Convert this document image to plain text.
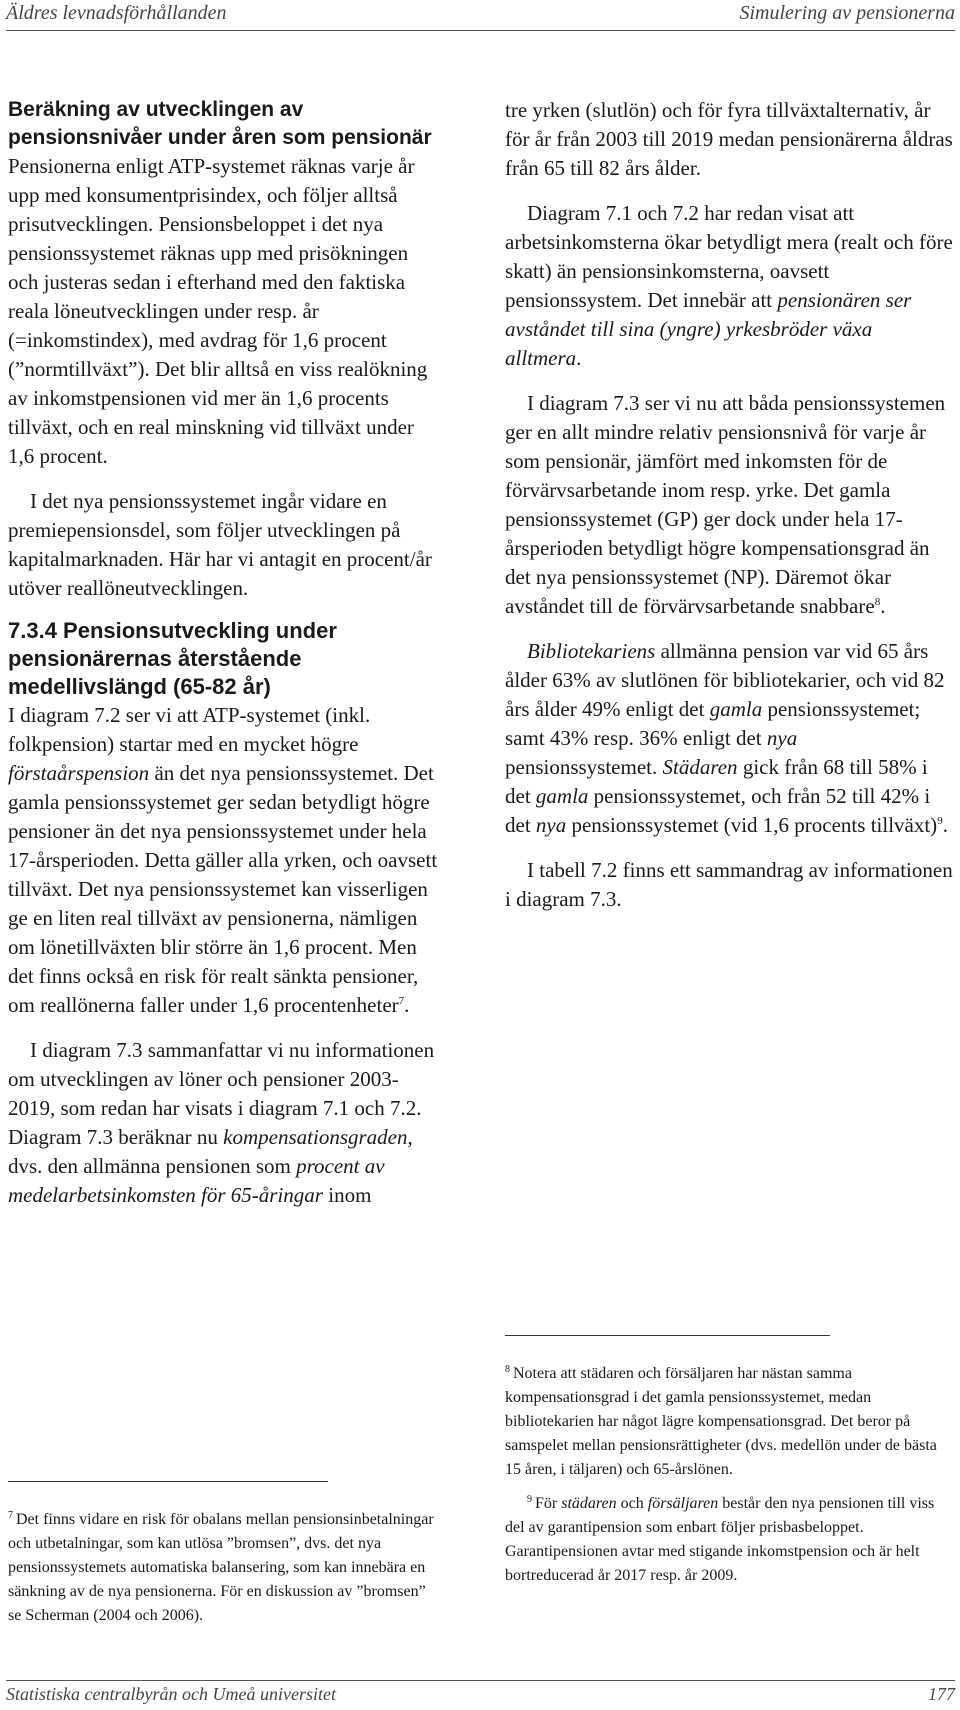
Äldres levnadsförhållanden	Simulering av pensionerna

Beräkning av utvecklingen av pensionsnivåer under åren som pensionär

Pensionerna enligt ATP-systemet räknas varje år upp med konsumentprisindex, och följer alltså prisutvecklingen. Pensionsbeloppet i det nya pensionssystemet räknas upp med prisökningen och justeras sedan i efterhand med den faktiska reala löneutvecklingen under resp. år (=inkomstindex), med avdrag för 1,6 procent (”normtillväxt”). Det blir alltså en viss realökning av inkomstpensionen vid mer än 1,6 procents tillväxt, och en real minskning vid tillväxt under 1,6 procent.

I det nya pensionssystemet ingår vidare en premiepensionsdel, som följer utvecklingen på kapitalmarknaden. Här har vi antagit en procent/år utöver reallöneutvecklingen.

7.3.4 Pensionsutveckling under pensionärernas återstående medellivslängd (65-82 år)

I diagram 7.2 ser vi att ATP-systemet (inkl. folkpension) startar med en mycket högre förstaårspension än det nya pensionssystemet. Det gamla pensionssystemet ger sedan betydligt högre pensioner än det nya pensionssystemet under hela 17-årsperioden. Detta gäller alla yrken, och oavsett tillväxt. Det nya pensionssystemet kan visserligen ge en liten real tillväxt av pensionerna, nämligen om lönetillväxten blir större än 1,6 procent. Men det finns också en risk för realt sänkta pensioner, om reallönerna faller under 1,6 procentenheter$^7$.

I diagram 7.3 sammanfattar vi nu informationen om utvecklingen av löner och pensioner 2003-2019, som redan har visats i diagram 7.1 och 7.2. Diagram 7.3 beräknar nu kompensationsgraden, dvs. den allmänna pensionen som procent av medelarbetsinkomsten för 65-åringar inom

tre yrken (slutlön) och för fyra tillväxtalternativ, år för år från 2003 till 2019 medan pensionärerna åldras från 65 till 82 års ålder.

Diagram 7.1 och 7.2 har redan visat att arbetsinkomsterna ökar betydligt mera (realt och före skatt) än pensionsinkomsterna, oavsett pensionssystem. Det innebär att pensionären ser avståndet till sina (yngre) yrkesbröder växa alltmera.

I diagram 7.3 ser vi nu att båda pensionssystemen ger en allt mindre relativ pensionsnivå för varje år som pensionär, jämfört med inkomsten för de förvärvsarbetande inom resp. yrke. Det gamla pensionssystemet (GP) ger dock under hela 17-årsperioden betydligt högre kompensationsgrad än det nya pensionssystemet (NP). Däremot ökar avståndet till de förvärvsarbetande snabbare$^8$.

Bibliotekariens allmänna pension var vid 65 års ålder 63% av slutlönen för bibliotekarier, och vid 82 års ålder 49% enligt det gamla pensionssystemet; samt 43% resp. 36% enligt det nya pensionssystemet. Städaren gick från 68 till 58% i det gamla pensionssystemet, och från 52 till 42% i det nya pensionssystemet (vid 1,6 procents tillväxt)$^9$.

I tabell 7.2 finns ett sammandrag av informationen i diagram 7.3.

$^7$ Det finns vidare en risk för obalans mellan pensionsinbetalningar och utbetalningar, som kan utlösa ”bromsen”, dvs. det nya pensionssystemets automatiska balansering, som kan innebära en sänkning av de nya pensionerna. För en diskussion av ”bromsen” se Scherman (2004 och 2006).

$^8$ Notera att städaren och försäljaren har nästan samma kompensationsgrad i det gamla pensionssystemet, medan bibliotekarien har något lägre kompensationsgrad. Det beror på samspelet mellan pensionsrättigheter (dvs. medellön under de bästa 15 åren, i täljaren) och 65-årslönen.

$^9$ För städaren och försäljaren består den nya pensionen till viss del av garantipension som enbart följer prisbasbeloppet. Garantipensionen avtar med stigande inkomstpension och är helt bortreducerad år 2017 resp. år 2009.

Statistiska centralbyrån och Umeå universitet	177
